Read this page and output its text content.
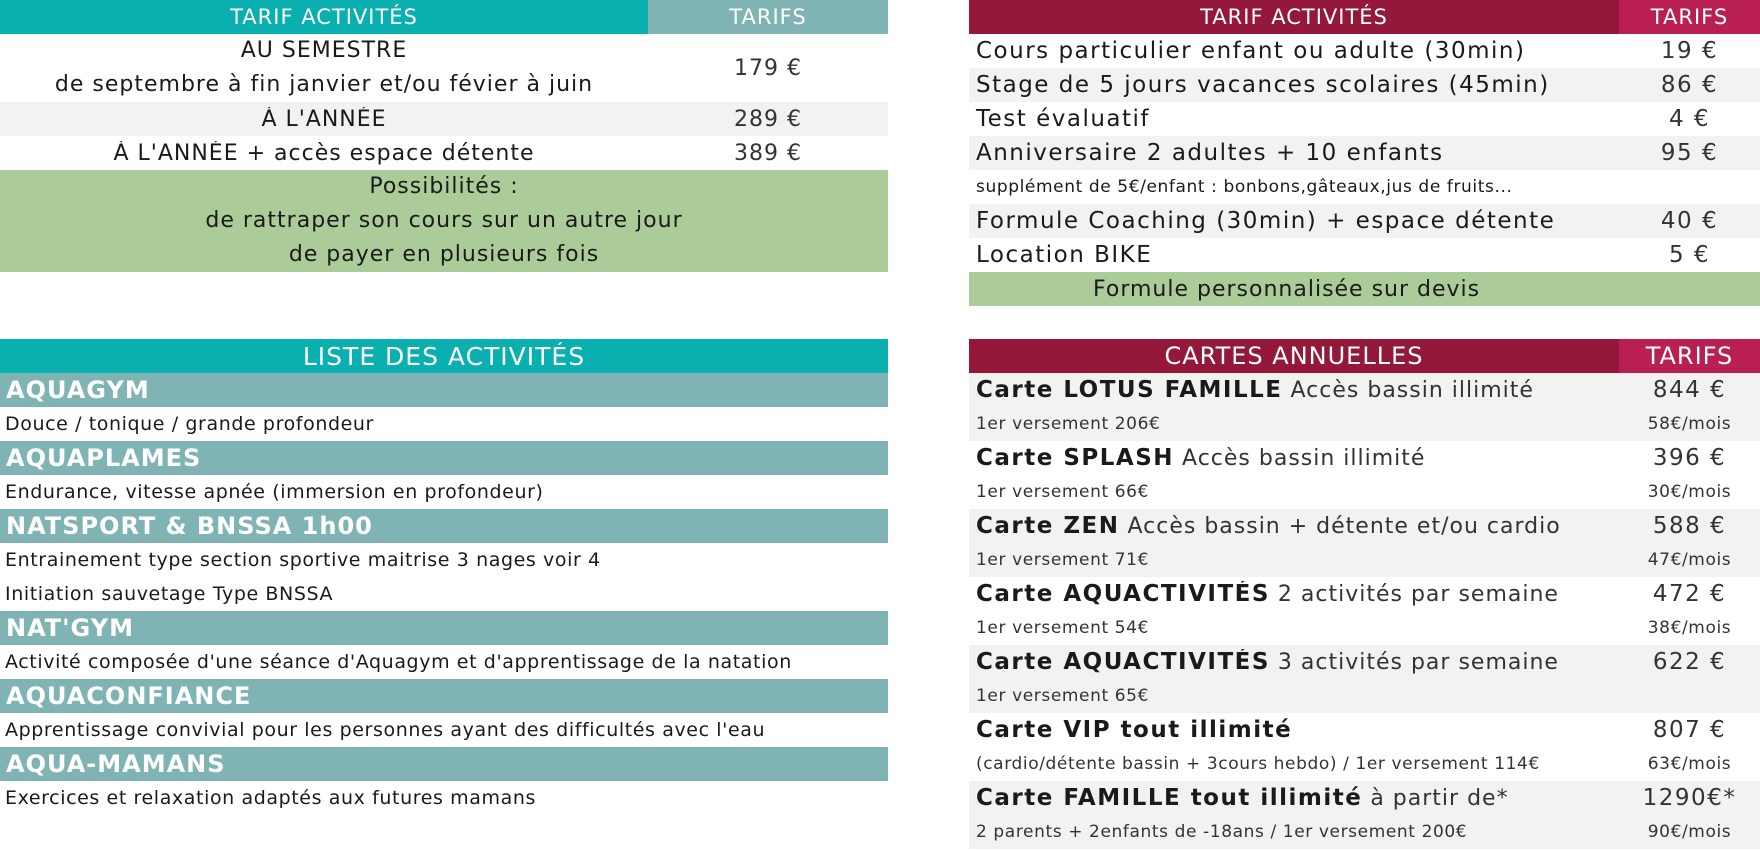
TARIF ACTIVITÉS	TARIFS
AU SEMESTRE
de septembre à fin janvier et/ou févier à juin
179 €
À L'ANNÉE	289 €
À L'ANNÉE + accès espace détente	389 €
Possibilités :
de rattraper son cours sur un autre jour
de payer en plusieurs fois
LISTE DES ACTIVITÉS
AQUAGYM
Douce / tonique / grande profondeur
AQUAPLAMES
Endurance, vitesse apnée (immersion en profondeur)
NATSPORT & BNSSA 1h00
Entrainement type section sportive maitrise 3 nages voir 4
Initiation sauvetage Type BNSSA
NAT'GYM
Activité composée d'une séance d'Aquagym et d'apprentissage de la natation
AQUACONFIANCE
Apprentissage convivial pour les personnes ayant des difficultés avec l'eau
AQUA-MAMANS
Exercices et relaxation adaptés aux futures mamans
TARIF ACTIVITÉS	TARIFS
Cours particulier enfant ou adulte (30min)	19 €
Stage de 5 jours vacances scolaires (45min)	86 €
Test évaluatif	4 €
Anniversaire 2 adultes + 10 enfants	95 €
supplément de 5€/enfant : bonbons,gâteaux,jus de fruits...
Formule Coaching (30min) + espace détente	40 €
Location BIKE	5 €
Formule personnalisée sur devis
CARTES ANNUELLES	TARIFS
Carte LOTUS FAMILLE Accès bassin illimité	844 €
1er versement 206€	58€/mois
Carte SPLASH Accès bassin illimité	396 €
1er versement 66€	30€/mois
Carte ZEN Accès bassin + détente et/ou cardio	588 €
1er versement 71€	47€/mois
Carte AQUACTIVITÉS 2 activités par semaine	472 €
1er versement 54€	38€/mois
Carte AQUACTIVITÉS 3 activités par semaine	622 €
1er versement 65€
Carte VIP tout illimité	807 €
(cardio/détente bassin + 3cours hebdo) / 1er versement 114€	63€/mois
Carte FAMILLE tout illimité à partir de*	1290€*
2 parents + 2enfants de -18ans / 1er versement 200€	90€/mois
